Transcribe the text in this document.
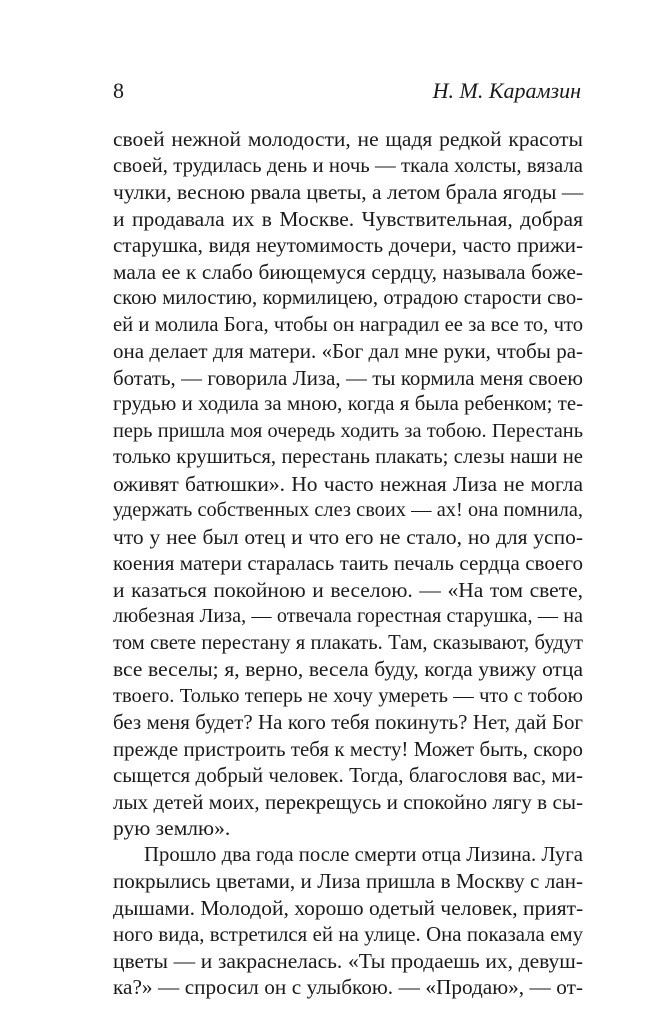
8	Н. М. Карамзин
своей нежной молодости, не щадя редкой красоты
своей, трудилась день и ночь — ткала холсты, вязала
чулки, весною рвала цветы, а летом брала ягоды —
и продавала их в Москве. Чувствительная, добрая
старушка, видя неутомимость дочери, часто прижи-
мала ее к слабо биющемуся сердцу, называла боже-
скою милостию, кормилицею, отрадою старости сво-
ей и молила Бога, чтобы он наградил ее за все то, что
она делает для матери. «Бог дал мне руки, чтобы ра-
ботать, — говорила Лиза, — ты кормила меня своею
грудью и ходила за мною, когда я была ребенком; те-
перь пришла моя очередь ходить за тобою. Перестань
только крушиться, перестань плакать; слезы наши не
оживят батюшки». Но часто нежная Лиза не могла
удержать собственных слез своих — ах! она помнила,
что у нее был отец и что его не стало, но для успо-
коения матери старалась таить печаль сердца своего
и казаться покойною и веселою. — «На том свете,
любезная Лиза, — отвечала горестная старушка, — на
том свете перестану я плакать. Там, сказывают, будут
все веселы; я, верно, весела буду, когда увижу отца
твоего. Только теперь не хочу умереть — что с тобою
без меня будет? На кого тебя покинуть? Нет, дай Бог
прежде пристроить тебя к месту! Может быть, скоро
сыщется добрый человек. Тогда, благословя вас, ми-
лых детей моих, перекрещусь и спокойно лягу в сы-
рую землю».
Прошло два года после смерти отца Лизина. Луга
покрылись цветами, и Лиза пришла в Москву с лан-
дышами. Молодой, хорошо одетый человек, прият-
ного вида, встретился ей на улице. Она показала ему
цветы — и закраснелась. «Ты продаешь их, девуш-
ка?» — спросил он с улыбкою. — «Продаю», — от-
